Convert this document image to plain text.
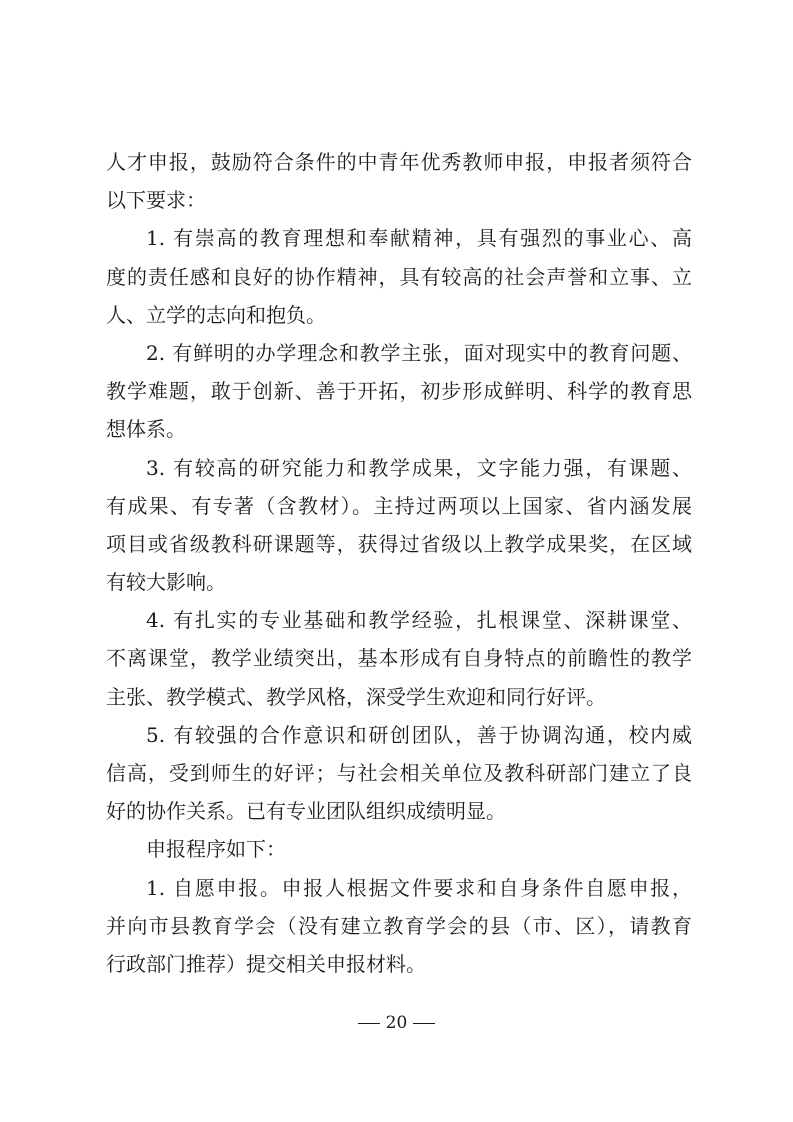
人才申报，鼓励符合条件的中青年优秀教师申报，申报者须符合
以下要求：
1. 有崇高的教育理想和奉献精神，具有强烈的事业心、高
度的责任感和良好的协作精神，具有较高的社会声誉和立事、立
人、立学的志向和抱负。
2. 有鲜明的办学理念和教学主张，面对现实中的教育问题、
教学难题，敢于创新、善于开拓，初步形成鲜明、科学的教育思
想体系。
3. 有较高的研究能力和教学成果，文字能力强，有课题、
有成果、有专著（含教材）。主持过两项以上国家、省内涵发展
项目或省级教科研课题等，获得过省级以上教学成果奖，在区域
有较大影响。
4. 有扎实的专业基础和教学经验，扎根课堂、深耕课堂、
不离课堂，教学业绩突出，基本形成有自身特点的前瞻性的教学
主张、教学模式、教学风格，深受学生欢迎和同行好评。
5. 有较强的合作意识和研创团队，善于协调沟通，校内威
信高，受到师生的好评；与社会相关单位及教科研部门建立了良
好的协作关系。已有专业团队组织成绩明显。
申报程序如下：
1. 自愿申报。申报人根据文件要求和自身条件自愿申报，
并向市县教育学会（没有建立教育学会的县（市、区），请教育
行政部门推荐）提交相关申报材料。
20
